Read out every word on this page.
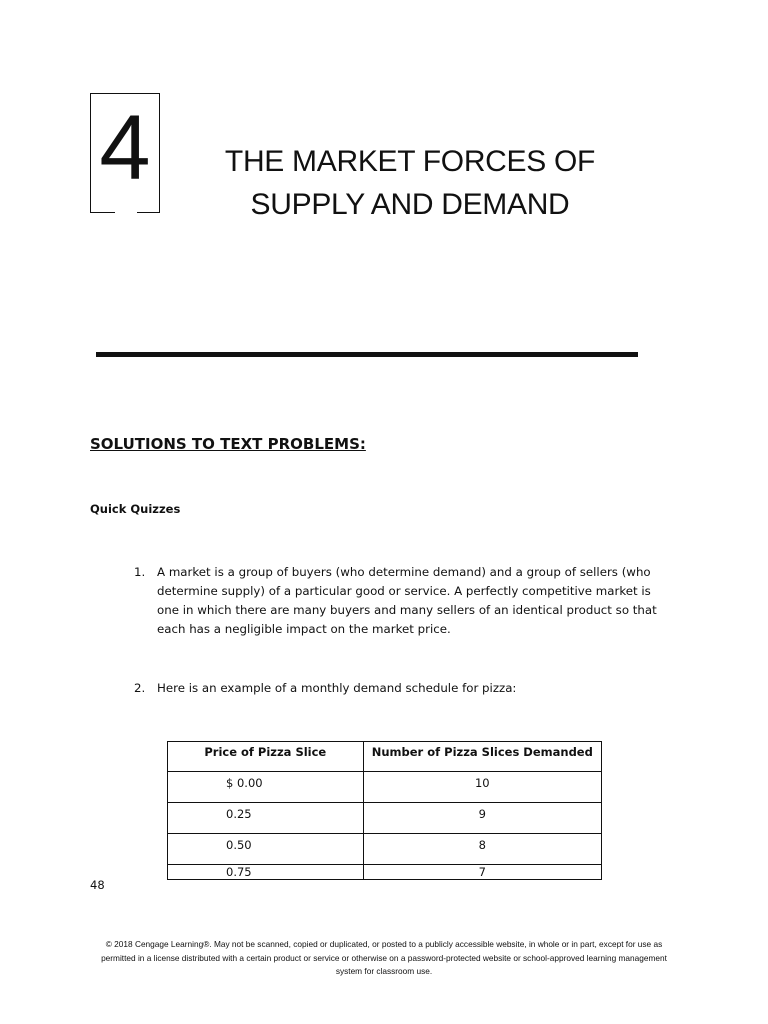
4	THE MARKET FORCES OF
SUPPLY AND DEMAND
SOLUTIONS TO TEXT PROBLEMS:
Quick Quizzes
1. A market is a group of buyers (who determine demand) and a group of sellers (who determine supply) of a particular good or service. A perfectly competitive market is one in which there are many buyers and many sellers of an identical product so that each has a negligible impact on the market price.
2. Here is an example of a monthly demand schedule for pizza:
Price of Pizza Slice	Number of Pizza Slices Demanded
$ 0.00	10
0.25	9
0.50	8
0.75	7
48
© 2018 Cengage Learning®. May not be scanned, copied or duplicated, or posted to a publicly accessible website, in whole or in part, except for use as
permitted in a license distributed with a certain product or service or otherwise on a password-protected website or school-approved learning management
system for classroom use.
